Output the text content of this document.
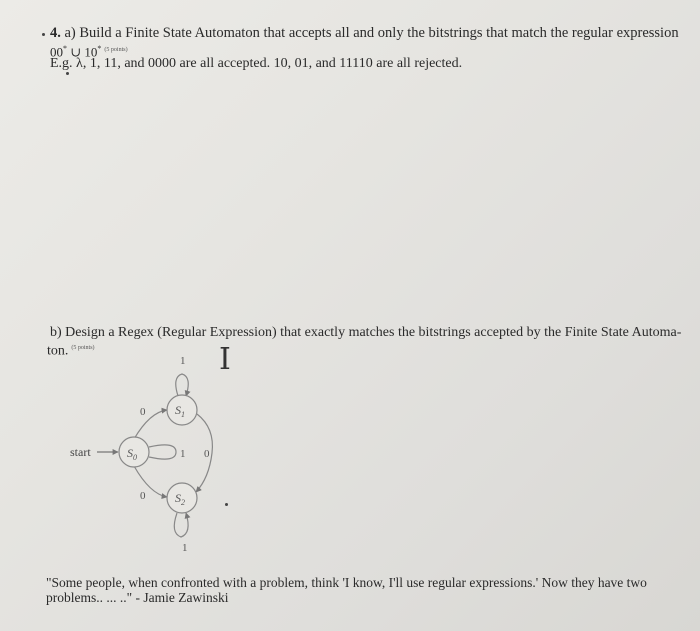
4. a) Build a Finite State Automaton that accepts all and only the bitstrings that match the regular expression
00* ∪ 10* $^{(5 points)}$
E.g. λ, 1, 11, and 0000 are all accepted. 10, 01, and 11110 are all rejected.
b) Design a Regex (Regular Expression) that exactly matches the bitstrings accepted by the Finite State Automa-
ton. $^{(5 points)}$	I
start	$S_0$
$S_1$
$S_2$
0
0
1
1
1 0
"Some people, when confronted with a problem, think 'I know, I'll use regular expressions.' Now they have two
problems.. ... .." - Jamie Zawinski
